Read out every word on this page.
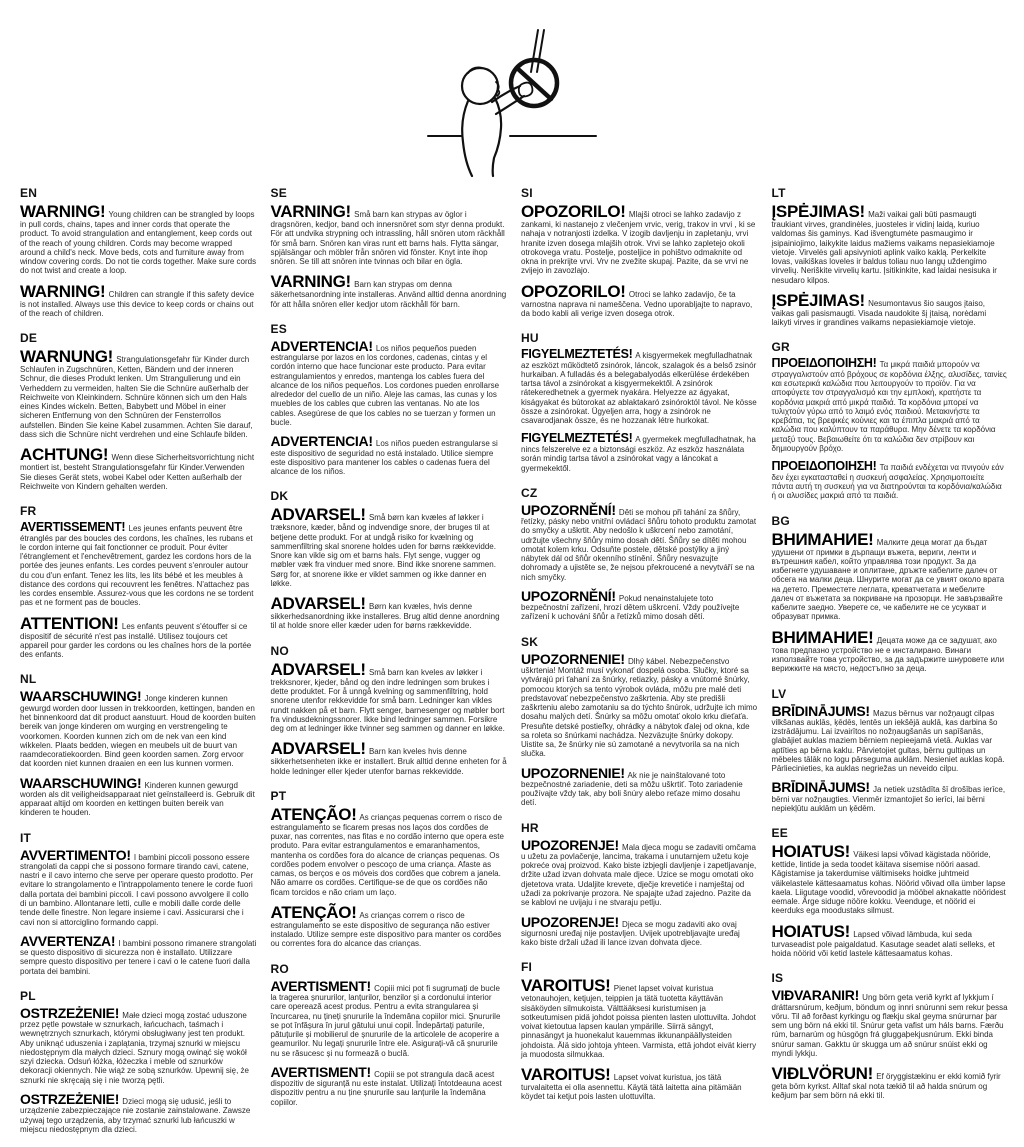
EN

WARNING! Young children can be strangled by loops in pull cords, chains, tapes and inner cords that operate the product. To avoid strangulation and entanglement, keep cords out of the reach of young children. Cords may become wrapped around a child's neck. Move beds, cots and furniture away from window covering cords. Do not tie cords together. Make sure cords do not twist and create a loop.

WARNING! Children can strangle if this safety device is not installed. Always use this device to keep cords or chains out of the reach of children.

DE

WARNUNG! Strangulationsgefahr für Kinder durch Schlaufen in Zugschnüren, Ketten, Bändern und der inneren Schnur, die dieses Produkt lenken. Um Strangulierung und ein Verheddern zu vermeiden, halten Sie die Schnüre außerhalb der Reichweite von Kleinkindern. Schnüre können sich um den Hals eines Kindes wickeln. Betten, Babybett und Möbel in einer sicheren Entfernung von den Schnüren der Fensterrollos aufstellen. Binden Sie keine Kabel zusammen. Achten Sie darauf, dass sich die Schnüre nicht verdrehen und eine Schlaufe bilden.

ACHTUNG! Wenn diese Sicherheitsvorrichtung nicht montiert ist, besteht Strangulationsgefahr für Kinder.Verwenden Sie dieses Gerät stets, wobei Kabel oder Ketten außerhalb der Reichweite von Kindern gehalten werden.

FR

AVERTISSEMENT! Les jeunes enfants peuvent être étranglés par des boucles des cordons, les chaînes, les rubans et le cordon interne qui fait fonctionner ce produit. Pour éviter l'étranglement et l'enchevêtrement, gardez les cordons hors de la portée des jeunes enfants. Les cordes peuvent s'enrouler autour du cou d'un enfant. Tenez les lits, les lits bébé et les meubles à distance des cordons qui recouvrent les fenêtres. N'attachez pas les cordes ensemble. Assurez-vous que les cordons ne se tordent pas et ne forment pas de boucles.

ATTENTION! Les enfants peuvent s'étouffer si ce dispositif de sécurité n'est pas installé. Utilisez toujours cet appareil pour garder les cordons ou les chaînes hors de la portée des enfants.

NL

WAARSCHUWING! Jonge kinderen kunnen gewurgd worden door lussen in trekkoorden, kettingen, banden en het binnenkoord dat dit product aanstuurt. Houd de koorden buiten bereik van jonge kinderen om wurging en verstrengeling te voorkomen. Koorden kunnen zich om de nek van een kind wikkelen. Plaats bedden, wiegen en meubels uit de buurt van raamdecoratiekoorden. Bind geen koorden samen. Zorg ervoor dat koorden niet kunnen draaien en een lus kunnen vormen.

WAARSCHUWING! Kinderen kunnen gewurgd worden als dit veiligheidsapparaat niet geïnstalleerd is. Gebruik dit apparaat altijd om koorden en kettingen buiten bereik van kinderen te houden.

IT

AVVERTIMENTO! I bambini piccoli possono essere strangolati da cappi che si possono formare tirando cavi, catene, nastri e il cavo interno che serve per operare questo prodotto. Per evitare lo strangolamento e l'intrappolamento tenere le corde fuori dalla portata dei bambini piccoli. I cavi possono avvolgere il collo di un bambino. Allontanare letti, culle e mobili dalle corde delle tende delle finestre. Non legare insieme i cavi. Assicurarsi che i cavi non si attorciglino formando cappi.

AVVERTENZA! I bambini possono rimanere strangolati se questo dispositivo di sicurezza non è installato. Utilizzare sempre questo dispositivo per tenere i cavi o le catene fuori dalla portata dei bambini.

PL

OSTRZEŻENIE! Małe dzieci mogą zostać uduszone przez pętle powstałe w sznurkach, łańcuchach, taśmach i wewnętrznych sznurkach, którymi obsługiwany jest ten produkt. Aby uniknąć uduszenia i zaplątania, trzymaj sznurki w miejscu niedostępnym dla małych dzieci. Sznury mogą owinąć się wokół szyi dziecka. Odsuń łóżka, łóżeczka i meble od sznurków dekoracji okiennych. Nie wiąż ze sobą sznurków. Upewnij się, że sznurki nie skręcają się i nie tworzą pętli.

OSTRZEŻENIE! Dzieci mogą się udusić, jeśli to urządzenie zabezpieczające nie zostanie zainstalowane. Zawsze używaj tego urządzenia, aby trzymać sznurki lub łańcuszki w miejscu niedostępnym dla dzieci.

SE

VARNING! Små barn kan strypas av öglor i dragsnören, kedjor, band och innersnöret som styr denna produkt. För att undvika strypning och intrassling, håll snören utom räckhåll för små barn. Snören kan viras runt ett barns hals. Flytta sängar, spjälsängar och möbler från snören vid fönster. Knyt inte ihop snören. Se till att snören inte tvinnas och bilar en ögla.

VARNING! Barn kan strypas om denna säkerhetsanordning inte installeras. Använd alltid denna anordning för att hålla snören eller kedjor utom räckhåll för barn.

ES

ADVERTENCIA! Los niños pequeños pueden estrangularse por lazos en los cordones, cadenas, cintas y el cordón interno que hace funcionar este producto. Para evitar estrangulamientos y enredos, mantenga los cables fuera del alcance de los niños pequeños. Los cordones pueden enrollarse alrededor del cuello de un niño. Aleje las camas, las cunas y los muebles de los cables que cubren las ventanas. No ate los cables. Asegúrese de que los cables no se tuerzan y formen un bucle.

ADVERTENCIA! Los niños pueden estrangularse si este dispositivo de seguridad no está instalado. Utilice siempre este dispositivo para mantener los cables o cadenas fuera del alcance de los niños.

DK

ADVARSEL! Små børn kan kvæles af løkker i træksnore, kæder, bånd og indvendige snore, der bruges til at betjene dette produkt. For at undgå risiko for kvælning og sammenfiltring skal snorene holdes uden for børns rækkevidde. Snore kan vikle sig om et barns hals. Flyt senge, vugger og møbler væk fra vinduer med snore. Bind ikke snorene sammen. Sørg for, at snorene ikke er viklet sammen og ikke danner en løkke.

ADVARSEL! Børn kan kvæles, hvis denne sikkerhedsanordning ikke installeres. Brug altid denne anordning til at holde snore eller kæder uden for børns rækkevidde.

NO

ADVARSEL! Små barn kan kveles av løkker i trekksnorer, kjeder, bånd og den indre ledningen som brukes i dette produktet. For å unngå kvelning og sammenfiltring, hold snorene utenfor rekkevidde for små barn. Ledninger kan vikles rundt nakken på et barn. Flytt senger, barnesenger og møbler bort fra vindusdekningssnorer. Ikke bind ledninger sammen. Forsikre deg om at ledninger ikke tvinner seg sammen og danner en løkke.

ADVARSEL! Barn kan kveles hvis denne sikkerhetsenheten ikke er installert. Bruk alltid denne enheten for å holde ledninger eller kjeder utenfor barnas rekkevidde.

PT

ATENÇÃO! As crianças pequenas correm o risco de estrangulamento se ficarem presas nos laços dos cordões de puxar, nas correntes, nas fitas e no cordão interno que opera este produto. Para evitar estrangulamentos e emaranhamentos, mantenha os cordões fora do alcance de crianças pequenas. Os cordões podem envolver o pescoço de uma criança. Afaste as camas, os berços e os móveis dos cordões que cobrem a janela. Não amarre os cordões. Certifique-se de que os cordões não ficam torcidos e não criam um laço.

ATENÇÃO! As crianças correm o risco de estrangulamento se este dispositivo de segurança não estiver instalado. Utilize sempre este dispositivo para manter os cordões ou correntes fora do alcance das crianças.

RO

AVERTISMENT! Copiii mici pot fi sugrumați de bucle la tragerea șnururilor, lanțurilor, benzilor și a cordonului interior care operează acest produs. Pentru a evita strangularea și încurcarea, nu țineți șnururile la îndemâna copiilor mici. Șnururile se pot înfășura în jurul gâtului unui copil. Îndepărtați paturile, pătuțurile și mobilierul de șnururile de la articolele de acoperire a geamurilor. Nu legați șnururile între ele. Asigurați-vă că șnururile nu se răsucesc și nu formează o buclă.

AVERTISMENT! Copiii se pot strangula dacă acest dispozitiv de siguranță nu este instalat. Utilizați întotdeauna acest dispozitiv pentru a nu ține șnururile sau lanțurile la îndemâna copiilor.

SI

OPOZORILO! Mlajši otroci se lahko zadavijo z zankami, ki nastanejo z vlečenjem vrvic, verig, trakov in vrvi , ki se nahaja v notranjosti izdelka. V izogib davljenju in zapletanju, vrvi hranite izven dosega mlajših otrok. Vrvi se lahko zapletejo okoli otrokovega vratu. Postelje, posteljice in pohištvo odmaknite od okna in prekrijte vrvi. Vrv ne zvežite skupaj. Pazite, da se vrvi ne zvijejo in zavozlajo.

OPOZORILO! Otroci se lahko zadavijo, če ta varnostna naprava ni nameščena. Vedno uporabljajte to napravo, da bodo kabli ali verige izven dosega otrok.

HU

FIGYELMEZTETÉS! A kisgyermekek megfulladhatnak az eszközt működtető zsinórok, láncok, szalagok és a belső zsinór hurkaiban. A fulladás és a belegabalyodás elkerülése érdekében tartsa távol a zsinórokat a kisgyermekektől. A zsinórok rátekeredhetnek a gyermek nyakára. Helyezze az ágyakat, kiságyakat és bútorokat az ablaktakaró zsinóroktól távol. Ne kösse össze a zsinórokat. Ügyeljen arra, hogy a zsinórok ne csavarodjanak össze, és ne hozzanak létre hurkokat.

FIGYELMEZTETÉS! A gyermekek megfulladhatnak, ha nincs felszerelve ez a biztonsági eszköz. Az eszköz használata során mindig tartsa távol a zsinórokat vagy a láncokat a gyermekektől.

CZ

UPOZORNĚNÍ! Děti se mohou při tahání za šňůry, řetízky, pásky nebo vnitřní ovládací šňůru tohoto produktu zamotat do smyčky a uškrtit. Aby nedošlo k uškrcení nebo zamotání, udržujte všechny šňůry mimo dosah dětí. Šňůry se dítěti mohou omotat kolem krku. Odsuňte postele, dětské postýlky a jiný nábytek dál od šňůr okenního stínění. Šňůry nesvazujte dohromady a ujistěte se, že nejsou překroucené a nevytváří se na nich smyčky.

UPOZORNĚNÍ! Pokud nenainstalujete toto bezpečnostní zařízení, hrozí dětem uškrcení. Vždy používejte zařízení k uchování šňůr a řetízků mimo dosah dětí.

SK

UPOZORNENIE! Dlhý kábel. Nebezpečenstvo uškrtenia! Montáž musí vykonať dospelá osoba. Slučky, ktoré sa vytvárajú pri ťahaní za šnúrky, retiazky, pásky a vnútorné šnúrky, pomocou ktorých sa tento výrobok ovláda, môžu pre malé deti predstavovať nebezpečenstvo zaškrtenia. Aby ste predišli zaškrteniu alebo zamotaniu sa do týchto šnúrok, udržujte ich mimo dosahu malých detí. Šnúrky sa môžu omotať okolo krku dieťaťa. Presuňte detské postieľky, ohrádky a nábytok ďalej od okna, kde sa roleta so šnúrkami nachádza. Nezväzujte šnúrky dokopy. Uistite sa, že šnúrky nie sú zamotané a nevytvorila sa na nich slučka.

UPOZORNENIE! Ak nie je nainštalované toto bezpečnostné zariadenie, deti sa môžu uškrtiť. Toto zariadenie používajte vždy tak, aby boli šnúry alebo reťaze mimo dosahu detí.

HR

UPOZORENJE! Mala djeca mogu se zadaviti omčama u užetu za povlačenje, lancima, trakama i unutarnjem užetu koje pokreće ovaj proizvod. Kako biste izbjegli davljenje i zapetljavanje, držite užad izvan dohvata male djece. Uzice se mogu omotati oko djetetova vrata. Udaljite krevete, dječje krevetiće i namještaj od užadi za pokrivanje prozora. Ne spajajte užad zajedno. Pazite da se kablovi ne uvijaju i ne stvaraju petlju.

UPOZORENJE! Djeca se mogu zadaviti ako ovaj sigurnosni uređaj nije postavljen. Uvijek upotrebljavajte uređaj kako biste držali užad ili lance izvan dohvata djece.

FI

VAROITUS! Pienet lapset voivat kuristua vetonauhojen, ketjujen, teippien ja tätä tuotetta käyttävän sisäköyden silmukoista. Välttääksesi kuristumisen ja sotkeutumisen pidä johdot poissa pienten lasten ulottuvilta. Johdot voivat kietoutua lapsen kaulan ympärille. Siirrä sängyt, pinnasängyt ja huonekalut kauemmas ikkunanpäällysteiden johdoista. Älä sido johtoja yhteen. Varmista, että johdot eivät kierry ja muodosta silmukkaa.

VAROITUS! Lapset voivat kuristua, jos tätä turvalaitetta ei olla asennettu. Käytä tätä laitetta aina pitämään köydet tai ketjut pois lasten ulottuvilta.

LT

ĮSPĖJIMAS! Maži vaikai gali būti pasmaugti traukiant virves, grandinėles, juosteles ir vidinį laidą, kuriuo valdomas šis gaminys. Kad išvengtumėte pasmaugimo ir įsipainiojimo, laikykite laidus mažiems vaikams nepasiekiamoje vietoje. Virvelės gali apsivynioti aplink vaiko kaklą. Perkelkite lovas, vaikiškas loveles ir baldus toliau nuo langų uždengimo virvelių. Neriškite virvelių kartu. Įsitikinkite, kad laidai nesisuka ir nesudaro kilpos.

ĮSPĖJIMAS! Nesumontavus šio saugos įtaiso, vaikas gali pasismaugti. Visada naudokite šį įtaisą, norėdami laikyti virves ir grandines vaikams nepasiekiamoje vietoje.

GR

ΠΡΟΕΙΔΟΠΟΙΗΣΗ! Τα μικρά παιδιά μπορούν να στραγγαλιστούν από βρόχους σε κορδόνια έλξης, αλυσίδες, ταινίες και εσωτερικά καλώδια που λειτουργούν το προϊόν. Για να αποφύγετε τον στραγγαλισμό και την εμπλοκή, κρατήστε τα κορδόνια μακριά από μικρά παιδιά. Τα κορδόνια μπορεί να τυλιχτούν γύρω από το λαιμό ενός παιδιού. Μετακινήστε τα κρεβάτια, τις βρεφικές κούνιες και τα έπιπλα μακριά από τα καλώδια που καλύπτουν τα παράθυρα. Μην δένετε τα κορδόνια μεταξύ τους. Βεβαιωθείτε ότι τα καλώδια δεν στρίβουν και δημιουργούν βρόχο.

ΠΡΟΕΙΔΟΠΟΙΗΣΗ! Τα παιδιά ενδέχεται να πνιγούν εάν δεν έχει εγκατασταθεί η συσκευή ασφαλείας. Χρησιμοποιείτε πάντα αυτή τη συσκευή για να διατηρούνται τα κορδόνια/καλώδια ή οι αλυσίδες μακριά από τα παιδιά.

BG

ВНИМАНИЕ! Малките деца могат да бъдат удушени от примки в дърпащи въжета, вериги, ленти и вътрешния кабел, който управлява този продукт. За да избегнете удушаване и оплитане, дръжте кабелите далеч от обсега на малки деца. Шнурите могат да се увият около врата на детето. Преместете леглата, креватчетата и мебелите далеч от въжетата за покриване на прозорци. Не завързвайте кабелите заедно. Уверете се, че кабелите не се усукват и образуват примка.

ВНИМАНИЕ! Децата може да се задушат, ако това предпазно устройство не е инсталирано. Винаги използвайте това устройство, за да задържите шнуровете или верижките на място, недостъпно за деца.

LV

BRĪDINĀJUMS! Mazus bērnus var nožņaugt cilpas vilkšanas auklās, ķēdēs, lentēs un iekšējā auklā, kas darbina šo izstrādājumu. Lai izvairītos no nožņaugšanās un sapīšanās, glabājiet auklas maziem bērniem nepieejamā vietā. Auklas var aptīties ap bērna kaklu. Pārvietojiet gultas, bērnu gultiņas un mēbeles tālāk no logu pārseguma auklām. Nesieniet auklas kopā. Pārliecinieties, ka auklas negriežas un neveido cilpu.

BRĪDINĀJUMS! Ja netiek uzstādīta šī drošības ierīce, bērni var nožņaugties. Vienmēr izmantojiet šo ierīci, lai bērni nepiekļūtu auklām un ķēdēm.

EE

HOIATUS! Väikesi lapsi võivad kägistada nööride, kettide, lintide ja seda toodet käitava sisemise nööri aasad. Kägistamise ja takerdumise vältimiseks hoidke juhtmeid väikelastele kättesaamatus kohas. Nöörid võivad olla ümber lapse kaela. Liigutage voodid, võrevoodid ja mööbel aknakatte nööridest eemale. Ärge siduge nööre kokku. Veenduge, et nöörid ei keerduks ega moodustaks silmust.

HOIATUS! Lapsed võivad lämbuda, kui seda turvaseadist pole paigaldatud. Kasutage seadet alati selleks, et hoida nöörid või ketid lastele kättesaamatus kohas.

IS

VIÐVARANIR! Ung börn geta verið kyrkt af lykkjum í dráttarsnúrum, keðjum, böndum og innri snúrunni sem rekur þessa vöru. Til að forðast kyrkingu og flækju skal geyma snúrurnar þar sem ung börn ná ekki til. Snúrur geta vafist um háls barns. Færðu rúm, barnarúm og húsgögn frá gluggaþekjusnúrum. Ekki binda snúrur saman. Gakktu úr skugga um að snúrur snúist ekki og myndi lykkju.

VIÐLVÖRUN! Ef öryggistækinu er ekki komið fyrir geta börn kyrkst. Alltaf skal nota tækið til að halda snúrum og keðjum þar sem börn ná ekki til.
